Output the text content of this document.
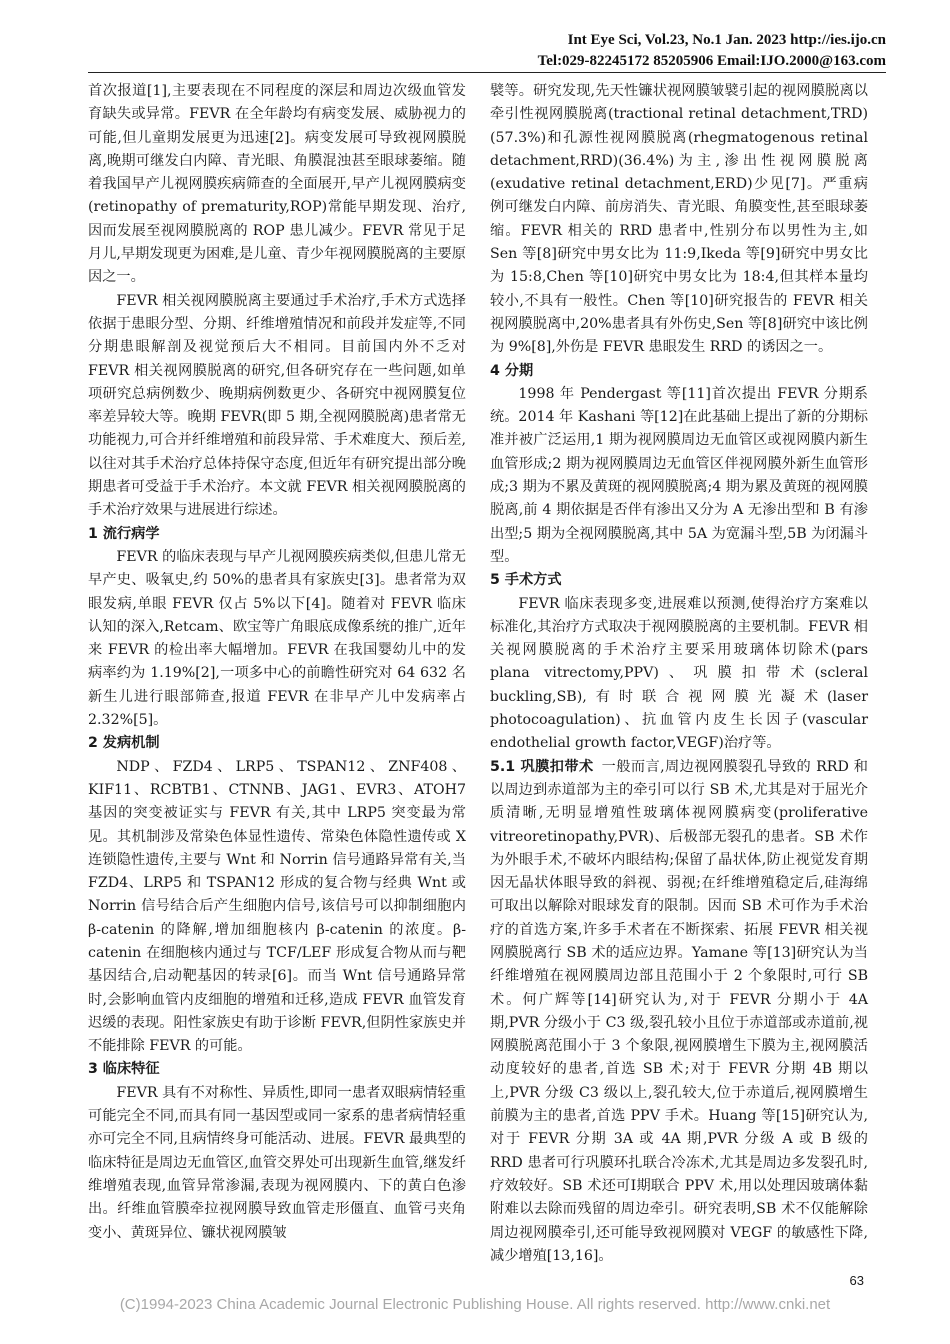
Int Eye Sci, Vol.23, No.1 Jan. 2023 http://ies.ijo.cn
Tel:029-82245172 85205906 Email:IJO.2000@163.com

首次报道[1],主要表现在不同程度的深层和周边次级血管发育缺失或异常。FEVR 在全年龄均有病变发展、威胁视力的可能,但儿童期发展更为迅速[2]。病变发展可导致视网膜脱离,晚期可继发白内障、青光眼、角膜混浊甚至眼球萎缩。随着我国早产儿视网膜疾病筛查的全面展开,早产儿视网膜病变(retinopathy of prematurity,ROP)常能早期发现、治疗,因而发展至视网膜脱离的 ROP 患儿减少。FEVR 常见于足月儿,早期发现更为困难,是儿童、青少年视网膜脱离的主要原因之一。

FEVR 相关视网膜脱离主要通过手术治疗,手术方式选择依据于患眼分型、分期、纤维增殖情况和前段并发症等,不同分期患眼解剖及视觉预后大不相同。目前国内外不乏对 FEVR 相关视网膜脱离的研究,但各研究存在一些问题,如单项研究总病例数少、晚期病例数更少、各研究中视网膜复位率差异较大等。晚期 FEVR(即 5 期,全视网膜脱离)患者常无功能视力,可合并纤维增殖和前段异常、手术难度大、预后差,以往对其手术治疗总体持保守态度,但近年有研究提出部分晚期患者可受益于手术治疗。本文就 FEVR 相关视网膜脱离的手术治疗效果与进展进行综述。

1 流行病学

FEVR 的临床表现与早产儿视网膜疾病类似,但患儿常无早产史、吸氧史,约 50%的患者具有家族史[3]。患者常为双眼发病,单眼 FEVR 仅占 5%以下[4]。随着对 FEVR 临床认知的深入,Retcam、欧宝等广角眼底成像系统的推广,近年来 FEVR 的检出率大幅增加。FEVR 在我国婴幼儿中的发病率约为 1.19%[2],一项多中心的前瞻性研究对 64 632 名新生儿进行眼部筛查,报道 FEVR 在非早产儿中发病率占 2.32%[5]。

2 发病机制

NDP、FZD4、LRP5、TSPAN12、ZNF408、KIF11、RCBTB1、CTNNB、JAG1、EVR3、ATOH7 基因的突变被证实与 FEVR 有关,其中 LRP5 突变最为常见。其机制涉及常染色体显性遗传、常染色体隐性遗传或 X 连锁隐性遗传,主要与 Wnt 和 Norrin 信号通路异常有关,当 FZD4、LRP5 和 TSPAN12 形成的复合物与经典 Wnt 或 Norrin 信号结合后产生细胞内信号,该信号可以抑制细胞内 β-catenin 的降解,增加细胞核内 β-catenin 的浓度。β-catenin 在细胞核内通过与 TCF/LEF 形成复合物从而与靶基因结合,启动靶基因的转录[6]。而当 Wnt 信号通路异常时,会影响血管内皮细胞的增殖和迁移,造成 FEVR 血管发育迟缓的表现。阳性家族史有助于诊断 FEVR,但阴性家族史并不能排除 FEVR 的可能。

3 临床特征

FEVR 具有不对称性、异质性,即同一患者双眼病情轻重可能完全不同,而具有同一基因型或同一家系的患者病情轻重亦可完全不同,且病情终身可能活动、进展。FEVR 最典型的临床特征是周边无血管区,血管交界处可出现新生血管,继发纤维增殖表现,血管异常渗漏,表现为视网膜内、下的黄白色渗出。纤维血管膜牵拉视网膜导致血管走形僵直、血管弓夹角变小、黄斑异位、镰状视网膜皱

襞等。研究发现,先天性镰状视网膜皱襞引起的视网膜脱离以牵引性视网膜脱离(tractional retinal detachment,TRD)(57.3%)和孔源性视网膜脱离(rhegmatogenous retinal detachment,RRD)(36.4%)为主,渗出性视网膜脱离(exudative retinal detachment,ERD)少见[7]。严重病例可继发白内障、前房消失、青光眼、角膜变性,甚至眼球萎缩。FEVR 相关的 RRD 患者中,性别分布以男性为主,如 Sen 等[8]研究中男女比为 11:9,Ikeda 等[9]研究中男女比为 15:8,Chen 等[10]研究中男女比为 18:4,但其样本量均较小,不具有一般性。Chen 等[10]研究报告的 FEVR 相关视网膜脱离中,20%患者具有外伤史,Sen 等[8]研究中该比例为 9%[8],外伤是 FEVR 患眼发生 RRD 的诱因之一。

4 分期

1998 年 Pendergast 等[11]首次提出 FEVR 分期系统。2014 年 Kashani 等[12]在此基础上提出了新的分期标准并被广泛运用,1 期为视网膜周边无血管区或视网膜内新生血管形成;2 期为视网膜周边无血管区伴视网膜外新生血管形成;3 期为不累及黄斑的视网膜脱离;4 期为累及黄斑的视网膜脱离,前 4 期依据是否伴有渗出又分为 A 无渗出型和 B 有渗出型;5 期为全视网膜脱离,其中 5A 为宽漏斗型,5B 为闭漏斗型。

5 手术方式

FEVR 临床表现多变,进展难以预测,使得治疗方案难以标准化,其治疗方式取决于视网膜脱离的主要机制。FEVR 相关视网膜脱离的手术治疗主要采用玻璃体切除术(pars plana vitrectomy,PPV)、巩膜扣带术(scleral buckling,SB),有时联合视网膜光凝术(laser photocoagulation)、抗血管内皮生长因子(vascular endothelial growth factor,VEGF)治疗等。

5.1 巩膜扣带术 一般而言,周边视网膜裂孔导致的 RRD 和以周边到赤道部为主的牵引可以行 SB 术,尤其是对于屈光介质清晰,无明显增殖性玻璃体视网膜病变(proliferative vitreoretinopathy,PVR)、后极部无裂孔的患者。SB 术作为外眼手术,不破坏内眼结构;保留了晶状体,防止视觉发育期因无晶状体眼导致的斜视、弱视;在纤维增殖稳定后,硅海绵可取出以解除对眼球发育的限制。因而 SB 术可作为手术治疗的首选方案,许多手术者在不断探索、拓展 FEVR 相关视网膜脱离行 SB 术的适应边界。Yamane 等[13]研究认为当纤维增殖在视网膜周边部且范围小于 2 个象限时,可行 SB 术。何广辉等[14]研究认为,对于 FEVR 分期小于 4A 期,PVR 分级小于 C3 级,裂孔较小且位于赤道部或赤道前,视网膜脱离范围小于 3 个象限,视网膜增生下膜为主,视网膜活动度较好的患者,首选 SB 术;对于 FEVR 分期 4B 期以上,PVR 分级 C3 级以上,裂孔较大,位于赤道后,视网膜增生前膜为主的患者,首选 PPV 手术。Huang 等[15]研究认为,对于 FEVR 分期 3A 或 4A 期,PVR 分级 A 或 B 级的 RRD 患者可行巩膜环扎联合冷冻术,尤其是周边多发裂孔时,疗效较好。SB 术还可Ⅰ期联合 PPV 术,用以处理因玻璃体黏附难以去除而残留的周边牵引。研究表明,SB 术不仅能解除周边视网膜牵引,还可能导致视网膜对 VEGF 的敏感性下降,减少增殖[13,16]。

63
(C)1994-2023 China Academic Journal Electronic Publishing House. All rights reserved. http://www.cnki.net
